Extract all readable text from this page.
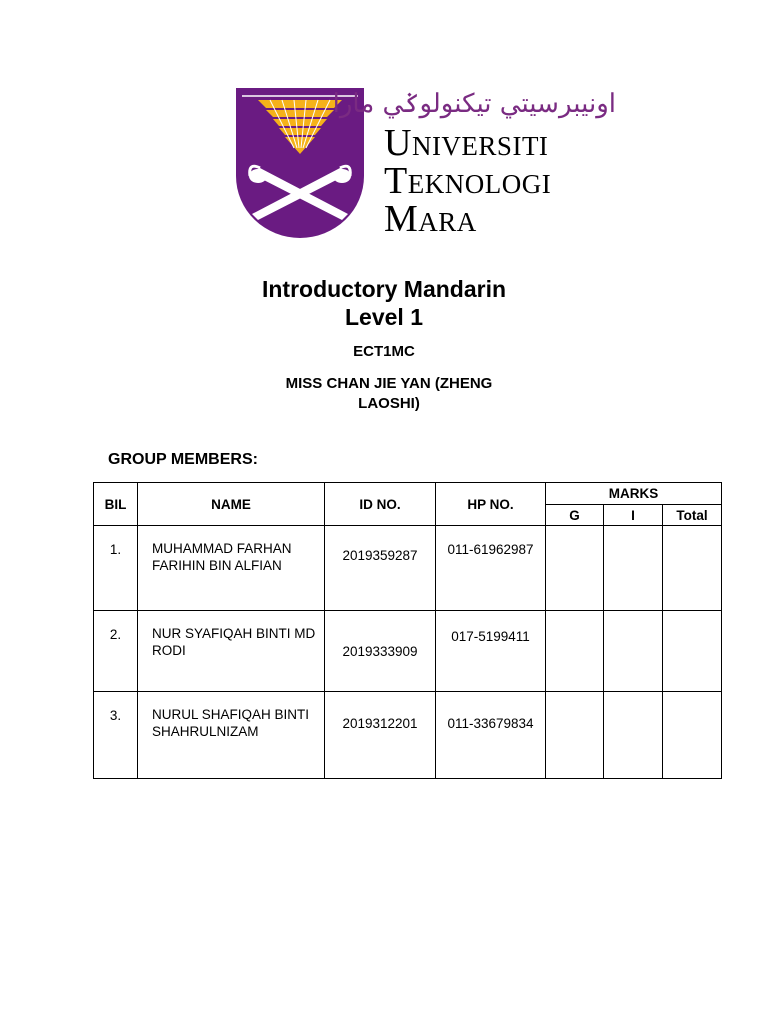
اونيبرسيتي تيكنولوݢي مارا
Universiti
Teknologi
Mara
Introductory Mandarin
Level 1
ECT1MC
MISS CHAN JIE YAN (ZHENG LAOSHI)
GROUP MEMBERS:
BIL	NAME	ID NO.	HP NO.	MARKS		
				G	I	Total
1.	MUHAMMAD FARHAN FARIHIN BIN ALFIAN	2019359287	011-61962987			
2.	NUR SYAFIQAH BINTI MD RODI	2019333909	017-5199411			
3.	NURUL SHAFIQAH BINTI SHAHRULNIZAM	2019312201	011-33679834			
